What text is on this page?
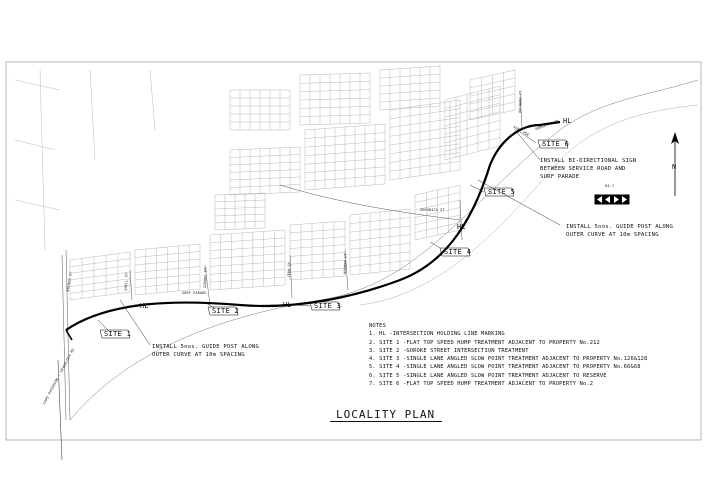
SITE 1
SITE 2
SITE 3
SITE 4
SITE 5
SITE 6
HL	HL
HL
HL
SURF PARADE
VERONICA ST
RAMSEY BLVD
SURF PDE
CAPE PATERSON - INVERLOCH RD
ANCHOR ST	SHELL ST	GOROKE ST	JEAN ST	NORMAN CT
ORCHARD CT
INSTALL 5nos. GUIDE POST ALONG
OUTER CURVE AT 10m SPACING
INSTALL 5nos. GUIDE POST ALONG
OUTER CURVE AT 10m SPACING
INSTALL BI-DIRECTIONAL SIGN
BETWEEN SERVICE ROAD AND
SURF PARADE
N
D4-7
NOTES
1. HL -INTERSECTION HOLDING LINE MARKING
2. SITE 1 -FLAT TOP SPEED HUMP TREATMENT ADJACENT TO PROPERTY No.212
3. SITE 2 -GOROKE STREET INTERSECTION TREATMENT
4. SITE 3 -SINGLE LANE ANGLED SLOW POINT TREATMENT ADJACENT TO PROPERTY No.126&128
5. SITE 4 -SINGLE LANE ANGLED SLOW POINT TREATMENT ADJACENT TO PROPERTY No.66&68
6. SITE 5 -SINGLE LANE ANGLED SLOW POINT TREATMENT ADJACENT TO RESERVE
7. SITE 6 -FLAT TOP SPEED HUMP TREATMENT ADJACENT TO PROPERTY No.2
LOCALITY PLAN
